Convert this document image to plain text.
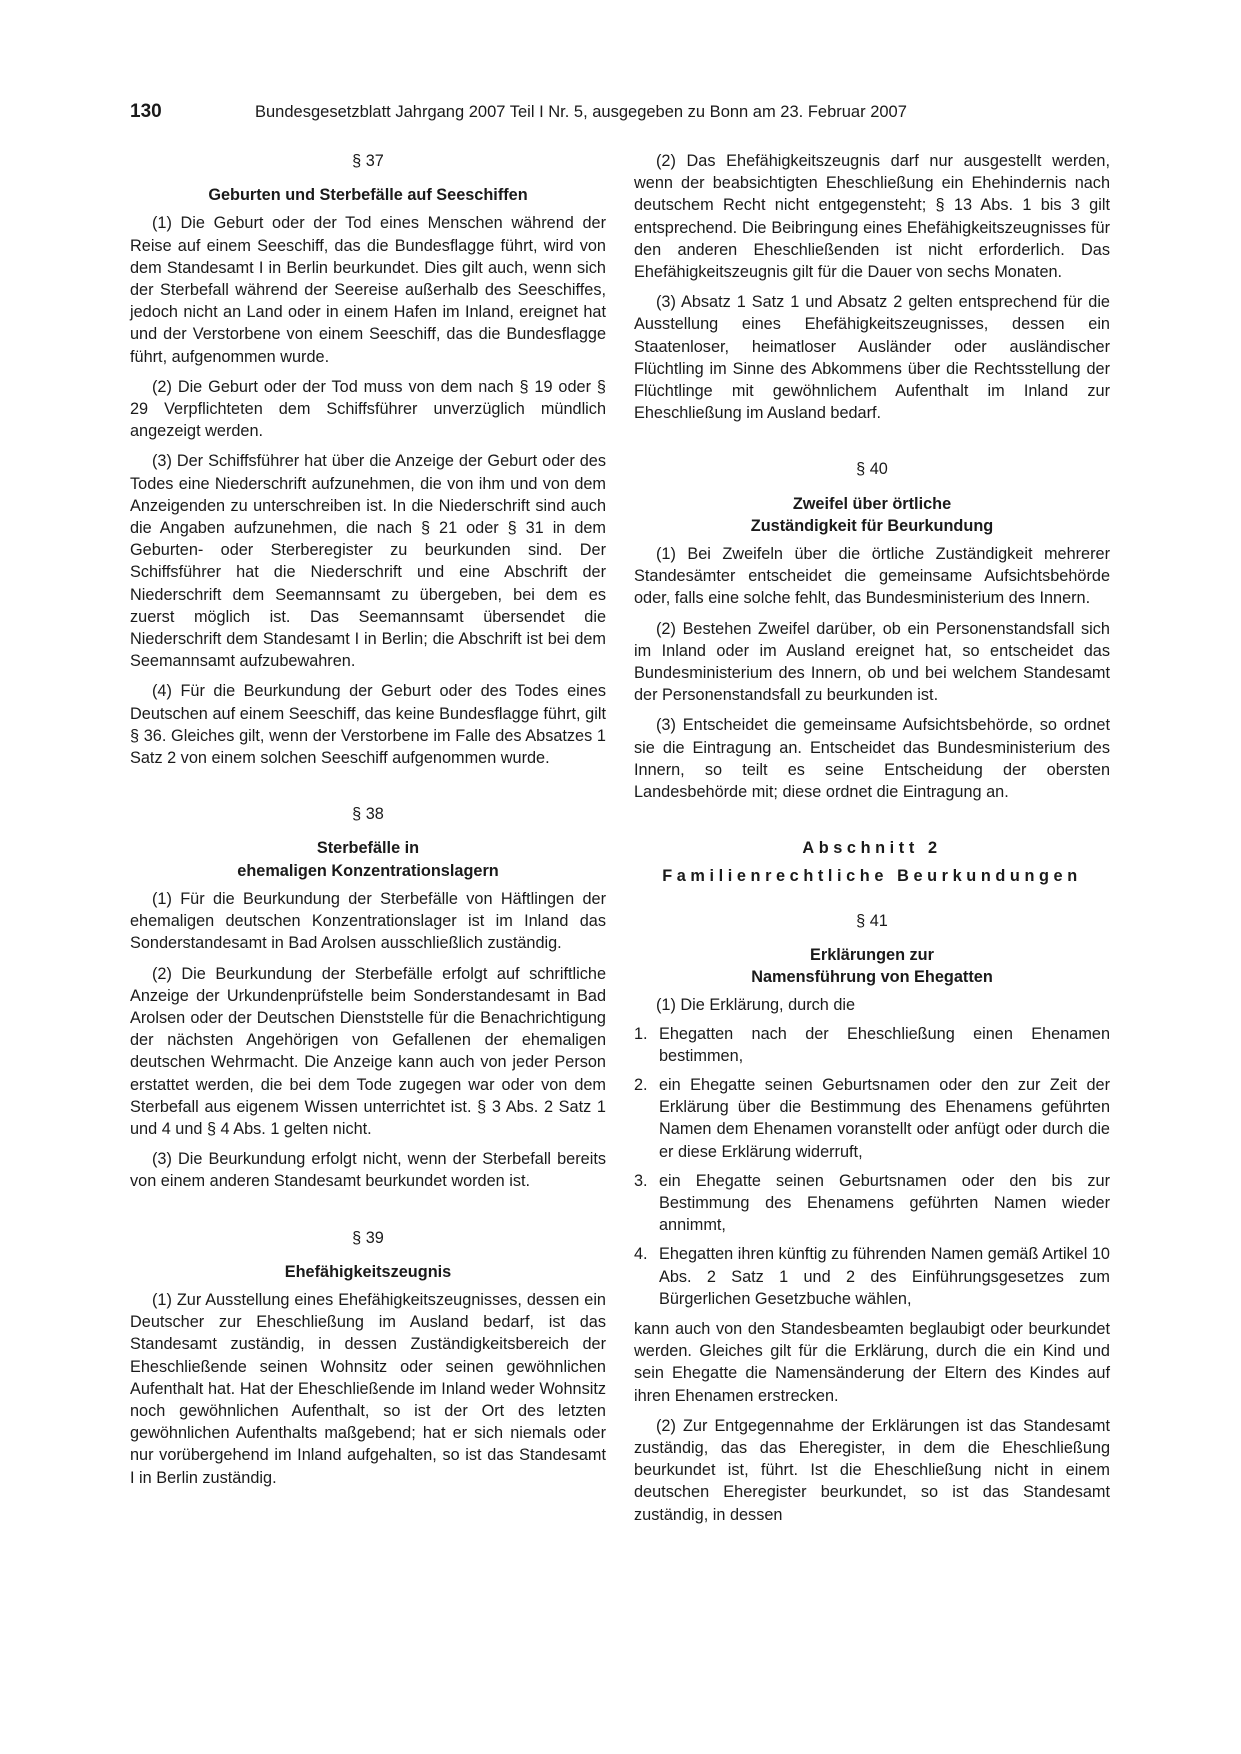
130	Bundesgesetzblatt Jahrgang 2007 Teil I Nr. 5, ausgegeben zu Bonn am 23. Februar 2007
§ 37
Geburten und Sterbefälle auf Seeschiffen

(1) Die Geburt oder der Tod eines Menschen während der Reise auf einem Seeschiff, das die Bundesflagge führt, wird von dem Standesamt I in Berlin beurkundet. Dies gilt auch, wenn sich der Sterbefall während der Seereise außerhalb des Seeschiffes, jedoch nicht an Land oder in einem Hafen im Inland, ereignet hat und der Verstorbene von einem Seeschiff, das die Bundesflagge führt, aufgenommen wurde.

(2) Die Geburt oder der Tod muss von dem nach § 19 oder § 29 Verpflichteten dem Schiffsführer unverzüglich mündlich angezeigt werden.

(3) Der Schiffsführer hat über die Anzeige der Geburt oder des Todes eine Niederschrift aufzunehmen, die von ihm und von dem Anzeigenden zu unterschreiben ist. In die Niederschrift sind auch die Angaben aufzunehmen, die nach § 21 oder § 31 in dem Geburten- oder Sterberegister zu beurkunden sind. Der Schiffsführer hat die Niederschrift und eine Abschrift der Niederschrift dem Seemannsamt zu übergeben, bei dem es zuerst möglich ist. Das Seemannsamt übersendet die Niederschrift dem Standesamt I in Berlin; die Abschrift ist bei dem Seemannsamt aufzubewahren.

(4) Für die Beurkundung der Geburt oder des Todes eines Deutschen auf einem Seeschiff, das keine Bundesflagge führt, gilt § 36. Gleiches gilt, wenn der Verstorbene im Falle des Absatzes 1 Satz 2 von einem solchen Seeschiff aufgenommen wurde.

§ 38
Sterbefälle in
ehemaligen Konzentrationslagern

(1) Für die Beurkundung der Sterbefälle von Häftlingen der ehemaligen deutschen Konzentrationslager ist im Inland das Sonderstandesamt in Bad Arolsen ausschließlich zuständig.

(2) Die Beurkundung der Sterbefälle erfolgt auf schriftliche Anzeige der Urkundenprüfstelle beim Sonderstandesamt in Bad Arolsen oder der Deutschen Dienststelle für die Benachrichtigung der nächsten Angehörigen von Gefallenen der ehemaligen deutschen Wehrmacht. Die Anzeige kann auch von jeder Person erstattet werden, die bei dem Tode zugegen war oder von dem Sterbefall aus eigenem Wissen unterrichtet ist. § 3 Abs. 2 Satz 1 und 4 und § 4 Abs. 1 gelten nicht.

(3) Die Beurkundung erfolgt nicht, wenn der Sterbefall bereits von einem anderen Standesamt beurkundet worden ist.

§ 39
Ehefähigkeitszeugnis

(1) Zur Ausstellung eines Ehefähigkeitszeugnisses, dessen ein Deutscher zur Eheschließung im Ausland bedarf, ist das Standesamt zuständig, in dessen Zuständigkeitsbereich der Eheschließende seinen Wohnsitz oder seinen gewöhnlichen Aufenthalt hat. Hat der Eheschließende im Inland weder Wohnsitz noch gewöhnlichen Aufenthalt, so ist der Ort des letzten gewöhnlichen Aufenthalts maßgebend; hat er sich niemals oder nur vorübergehend im Inland aufgehalten, so ist das Standesamt I in Berlin zuständig.

(2) Das Ehefähigkeitszeugnis darf nur ausgestellt werden, wenn der beabsichtigten Eheschließung ein Ehehindernis nach deutschem Recht nicht entgegensteht; § 13 Abs. 1 bis 3 gilt entsprechend. Die Beibringung eines Ehefähigkeitszeugnisses für den anderen Eheschließenden ist nicht erforderlich. Das Ehefähigkeitszeugnis gilt für die Dauer von sechs Monaten.

(3) Absatz 1 Satz 1 und Absatz 2 gelten entsprechend für die Ausstellung eines Ehefähigkeitszeugnisses, dessen ein Staatenloser, heimatloser Ausländer oder ausländischer Flüchtling im Sinne des Abkommens über die Rechtsstellung der Flüchtlinge mit gewöhnlichem Aufenthalt im Inland zur Eheschließung im Ausland bedarf.

§ 40
Zweifel über örtliche
Zuständigkeit für Beurkundung

(1) Bei Zweifeln über die örtliche Zuständigkeit mehrerer Standesämter entscheidet die gemeinsame Aufsichtsbehörde oder, falls eine solche fehlt, das Bundesministerium des Innern.

(2) Bestehen Zweifel darüber, ob ein Personenstandsfall sich im Inland oder im Ausland ereignet hat, so entscheidet das Bundesministerium des Innern, ob und bei welchem Standesamt der Personenstandsfall zu beurkunden ist.

(3) Entscheidet die gemeinsame Aufsichtsbehörde, so ordnet sie die Eintragung an. Entscheidet das Bundesministerium des Innern, so teilt es seine Entscheidung der obersten Landesbehörde mit; diese ordnet die Eintragung an.

Abschnitt 2
Familienrechtliche Beurkundungen
§ 41
Erklärungen zur
Namensführung von Ehegatten

(1) Die Erklärung, durch die

1. Ehegatten nach der Eheschließung einen Ehenamen bestimmen,
2. ein Ehegatte seinen Geburtsnamen oder den zur Zeit der Erklärung über die Bestimmung des Ehenamens geführten Namen dem Ehenamen voranstellt oder anfügt oder durch die er diese Erklärung widerruft,
3. ein Ehegatte seinen Geburtsnamen oder den bis zur Bestimmung des Ehenamens geführten Namen wieder annimmt,
4. Ehegatten ihren künftig zu führenden Namen gemäß Artikel 10 Abs. 2 Satz 1 und 2 des Einführungsgesetzes zum Bürgerlichen Gesetzbuche wählen,

kann auch von den Standesbeamten beglaubigt oder beurkundet werden. Gleiches gilt für die Erklärung, durch die ein Kind und sein Ehegatte die Namensänderung der Eltern des Kindes auf ihren Ehenamen erstrecken.

(2) Zur Entgegennahme der Erklärungen ist das Standesamt zuständig, das das Eheregister, in dem die Eheschließung beurkundet ist, führt. Ist die Eheschließung nicht in einem deutschen Eheregister beurkundet, so ist das Standesamt zuständig, in dessen
